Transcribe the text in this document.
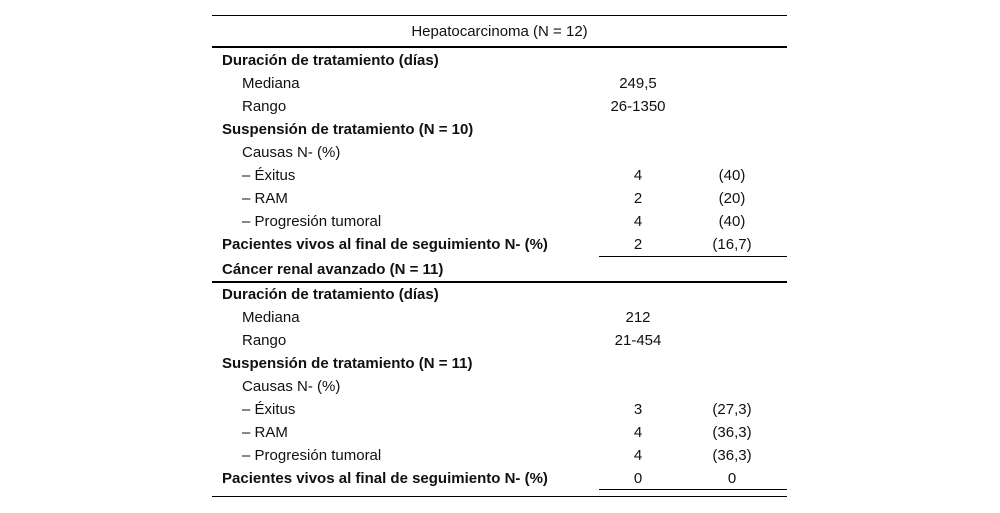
Hepatocarcinoma (N = 12)
Duración de tratamiento (días)
Mediana	249,5
Rango	26-1350
Suspensión de tratamiento (N = 10)
Causas N- (%)
– Éxitus	4	(40)
– RAM	2	(20)
– Progresión tumoral	4	(40)
Pacientes vivos al final de seguimiento N- (%)	2	(16,7)
Cáncer renal avanzado (N = 11)
Duración de tratamiento (días)
Mediana	212
Rango	21-454
Suspensión de tratamiento (N = 11)
Causas N- (%)
– Éxitus	3	(27,3)
– RAM	4	(36,3)
– Progresión tumoral	4	(36,3)
Pacientes vivos al final de seguimiento N- (%)	0	0
